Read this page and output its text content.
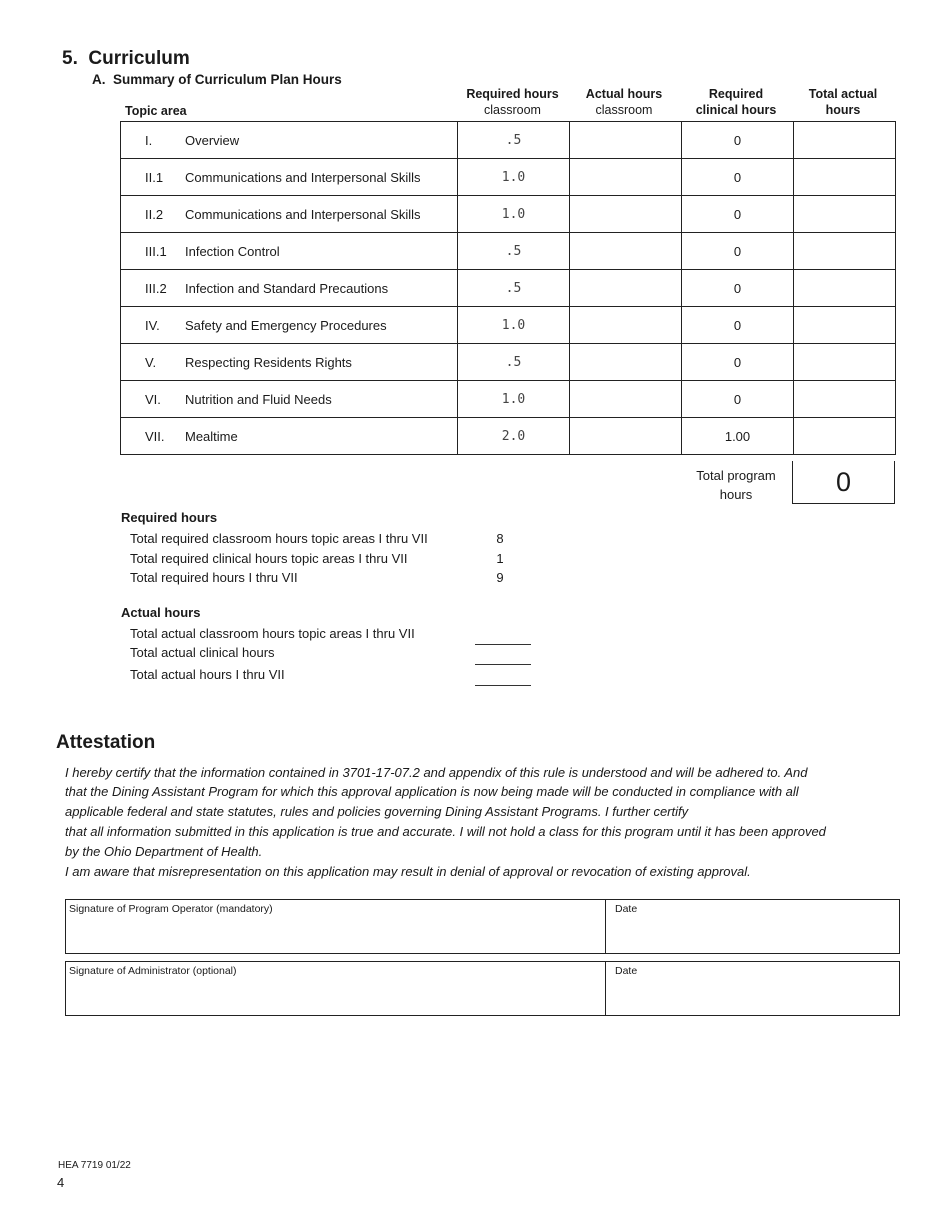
5. Curriculum
A. Summary of Curriculum Plan Hours
Topic area
Required hours
classroom
Actual hours
classroom
Required
clinical hours
Total actual
hours
I. Overview	.5		0	
II.1 Communications and Interpersonal Skills	1.0		0	
II.2 Communications and Interpersonal Skills	1.0		0	
III.1 Infection Control	.5		0	
III.2 Infection and Standard Precautions	.5		0	
IV. Safety and Emergency Procedures	1.0		0	
V. Respecting Residents Rights	.5		0	
VI. Nutrition and Fluid Needs	1.0		0	
VII. Mealtime	2.0		1.00	
Total program
hours	0
Required hours
Total required classroom hours topic areas I thru VII	8
Total required clinical hours topic areas I thru VII	1
Total required hours I thru VII	9
Actual hours
Total actual classroom hours topic areas I thru VII
Total actual clinical hours
Total actual hours I thru VII
Attestation
I hereby certify that the information contained in 3701-17-07.2 and appendix of this rule is understood and will be adhered to. And
that the Dining Assistant Program for which this approval application is now being made will be conducted in compliance with all
applicable federal and state statutes, rules and policies governing Dining Assistant Programs. I further certify
that all information submitted in this application is true and accurate. I will not hold a class for this program until it has been approved
by the Ohio Department of Health.
I am aware that misrepresentation on this application may result in denial of approval or revocation of existing approval.
Signature of Program Operator (mandatory)	Date
Signature of Administrator (optional)	Date
HEA 7719 01/22
4
